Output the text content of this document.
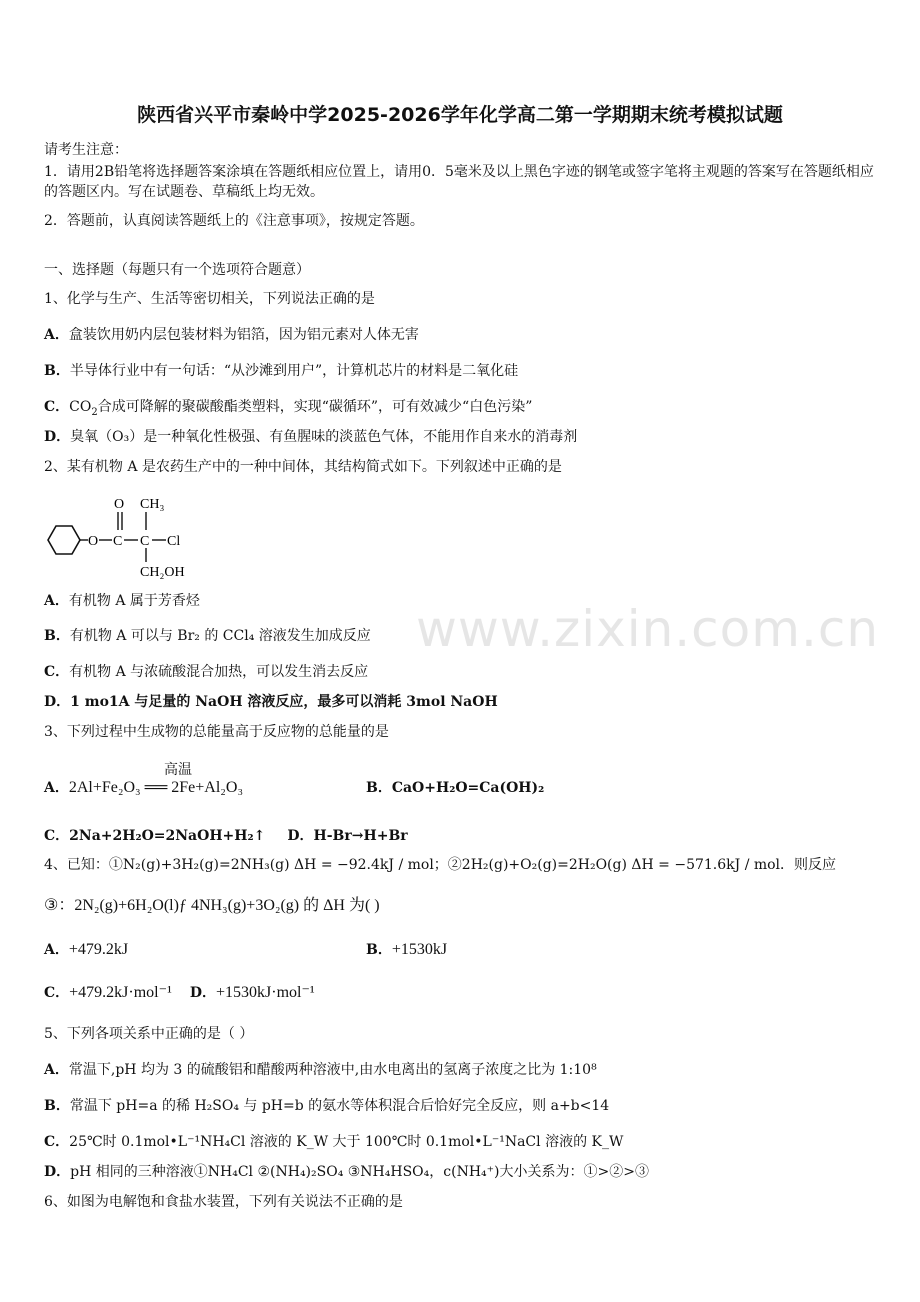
www.zixin.com.cn
陕西省兴平市秦岭中学2025-2026学年化学高二第一学期期末统考模拟试题
请考生注意：
1．请用2B铅笔将选择题答案涂填在答题纸相应位置上，请用0．5毫米及以上黑色字迹的钢笔或签字笔将主观题的答案写在答题纸相应的答题区内。写在试题卷、草稿纸上均无效。
2．答题前，认真阅读答题纸上的《注意事项》，按规定答题。
一、选择题（每题只有一个选项符合题意）
1、化学与生产、生活等密切相关，下列说法正确的是
A．盒装饮用奶内层包装材料为铝箔，因为铝元素对人体无害
B．半导体行业中有一句话：“从沙滩到用户”，计算机芯片的材料是二氧化硅
C．$CO_2$合成可降解的聚碳酸酯类塑料，实现“碳循环”，可有效减少“白色污染”
D．臭氧（O₃）是一种氧化性极强、有鱼腥味的淡蓝色气体，不能用作自来水的消毒剂
2、某有机物 A 是农药生产中的一种中间体，其结构简式如下。下列叙述中正确的是
O C
O
C
CH₃
Cl
CH₂OH
A．有机物 A 属于芳香烃
B．有机物 A 可以与 Br₂ 的 CCl₄ 溶液发生加成反应
C．有机物 A 与浓硫酸混合加热，可以发生消去反应
D．1 mo1A 与足量的 NaOH 溶液反应，最多可以消耗 3mol NaOH
3、下列过程中生成物的总能量高于反应物的总能量的是
高温
A．2Al+Fe₂O₃ ══ 2Fe+Al₂O₃	B．CaO+H₂O=Ca(OH)₂
C．2Na+2H₂O=2NaOH+H₂↑ D．H-Br→H+Br
4、已知：①N₂(g)+3H₂(g)=2NH₃(g) ΔH = −92.4kJ / mol；②2H₂(g)+O₂(g)=2H₂O(g) ΔH = −571.6kJ / mol．则反应
③：2N₂(g)+6H₂O(l)ƒ 4NH₃(g)+3O₂(g) 的 ΔH 为( )
A．+479.2kJ	B．+1530kJ
C．+479.2kJ·mol⁻¹ D．+1530kJ·mol⁻¹
5、下列各项关系中正确的是（ ）
A．常温下,pH 均为 3 的硫酸铝和醋酸两种溶液中,由水电离出的氢离子浓度之比为 1:10⁸
B．常温下 pH=a 的稀 H₂SO₄ 与 pH=b 的氨水等体积混合后恰好完全反应，则 a+b<14
C．25℃时 0.1mol•L⁻¹NH₄Cl 溶液的 K_W 大于 100℃时 0.1mol•L⁻¹NaCl 溶液的 K_W
D．pH 相同的三种溶液①NH₄Cl ②(NH₄)₂SO₄ ③NH₄HSO₄，c(NH₄⁺)大小关系为：①>②>③
6、如图为电解饱和食盐水装置，下列有关说法不正确的是
